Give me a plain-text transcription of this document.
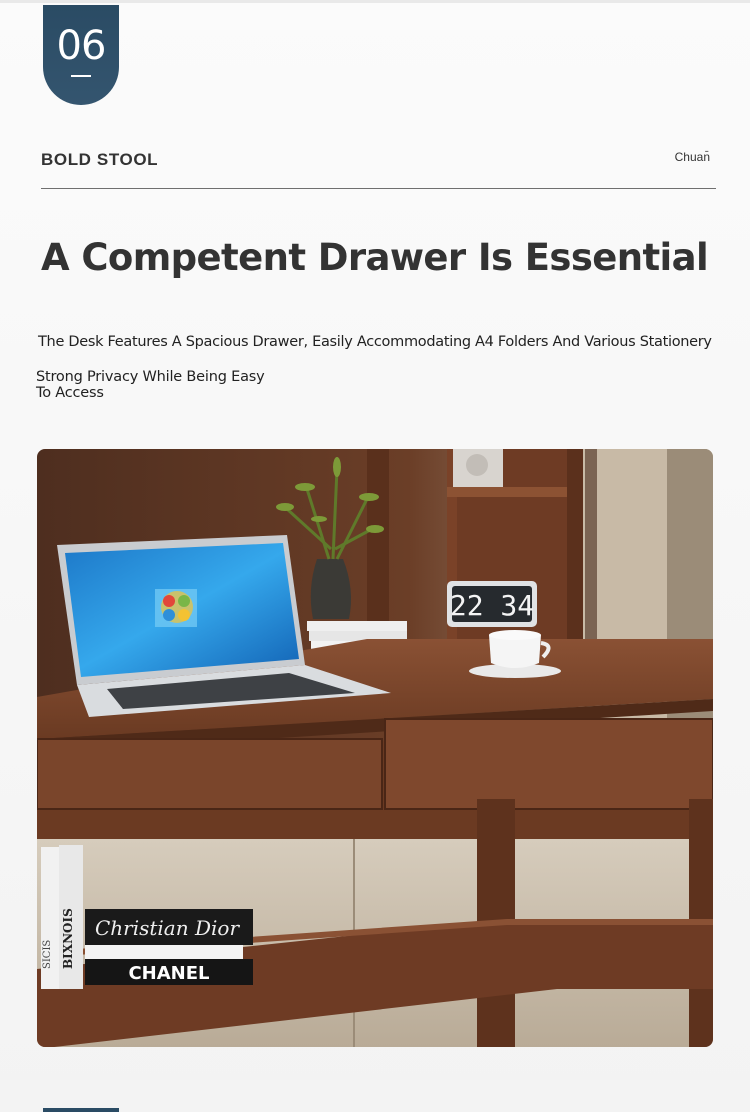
06
BOLD STOOL	Chuan̄
A Competent Drawer Is Essential
The Desk Features A Spacious Drawer, Easily Accommodating A4 Folders And Various Stationery
Strong Privacy While Being Easy To Access
22 34
BIXNOIS
SICIS
Christian Dior
CHANEL
